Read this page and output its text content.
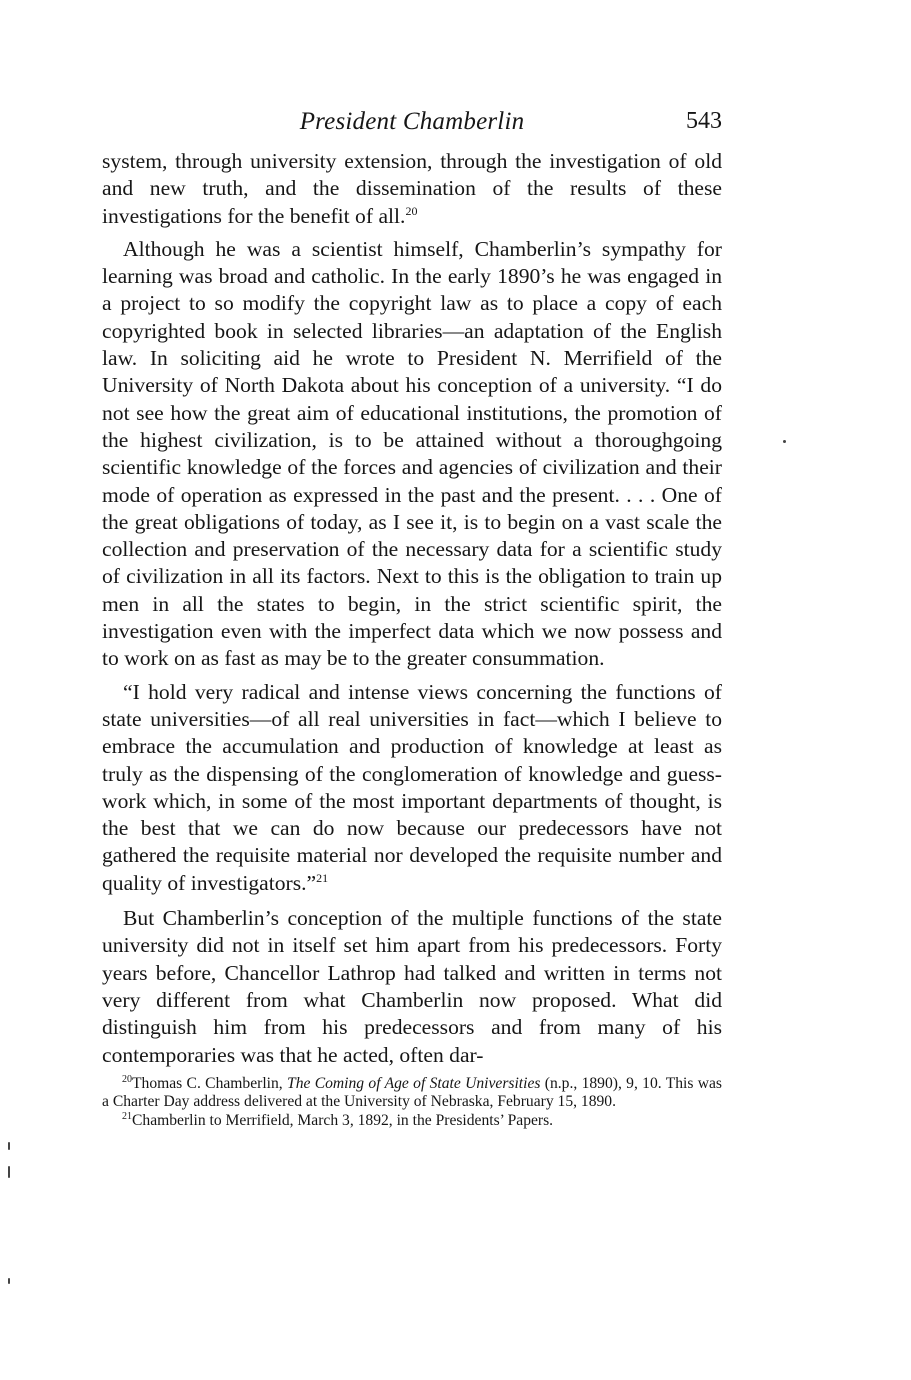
President Chamberlin	543

system, through university extension, through the investigation of old and new truth, and the dissemination of the results of these investigations for the benefit of all.$^{20}$

Although he was a scientist himself, Chamberlin’s sympathy for learning was broad and catholic. In the early 1890’s he was engaged in a project to so modify the copyright law as to place a copy of each copyrighted book in selected libraries—an adaptation of the English law. In soliciting aid he wrote to President N. Merrifield of the University of North Dakota about his conception of a university. “I do not see how the great aim of educational institutions, the promotion of the highest civilization, is to be attained without a thoroughgoing scientific knowledge of the forces and agencies of civilization and their mode of operation as expressed in the past and the present. . . . One of the great obligations of today, as I see it, is to begin on a vast scale the collection and preservation of the necessary data for a scientific study of civilization in all its factors. Next to this is the obligation to train up men in all the states to begin, in the strict scientific spirit, the investigation even with the imperfect data which we now possess and to work on as fast as may be to the greater consummation.

“I hold very radical and intense views concerning the functions of state universities—of all real universities in fact—which I believe to embrace the accumulation and production of knowledge at least as truly as the dispensing of the conglomeration of knowledge and guess-work which, in some of the most important departments of thought, is the best that we can do now because our predecessors have not gathered the requisite material nor developed the requisite number and quality of investigators.”$^{21}$

But Chamberlin’s conception of the multiple functions of the state university did not in itself set him apart from his predecessors. Forty years before, Chancellor Lathrop had talked and written in terms not very different from what Chamberlin now proposed. What did distinguish him from his predecessors and from many of his contemporaries was that he acted, often dar-

$^{20}$Thomas C. Chamberlin, The Coming of Age of State Universities (n.p., 1890), 9, 10. This was a Charter Day address delivered at the University of Nebraska, February 15, 1890.

$^{21}$Chamberlin to Merrifield, March 3, 1892, in the Presidents’ Papers.
